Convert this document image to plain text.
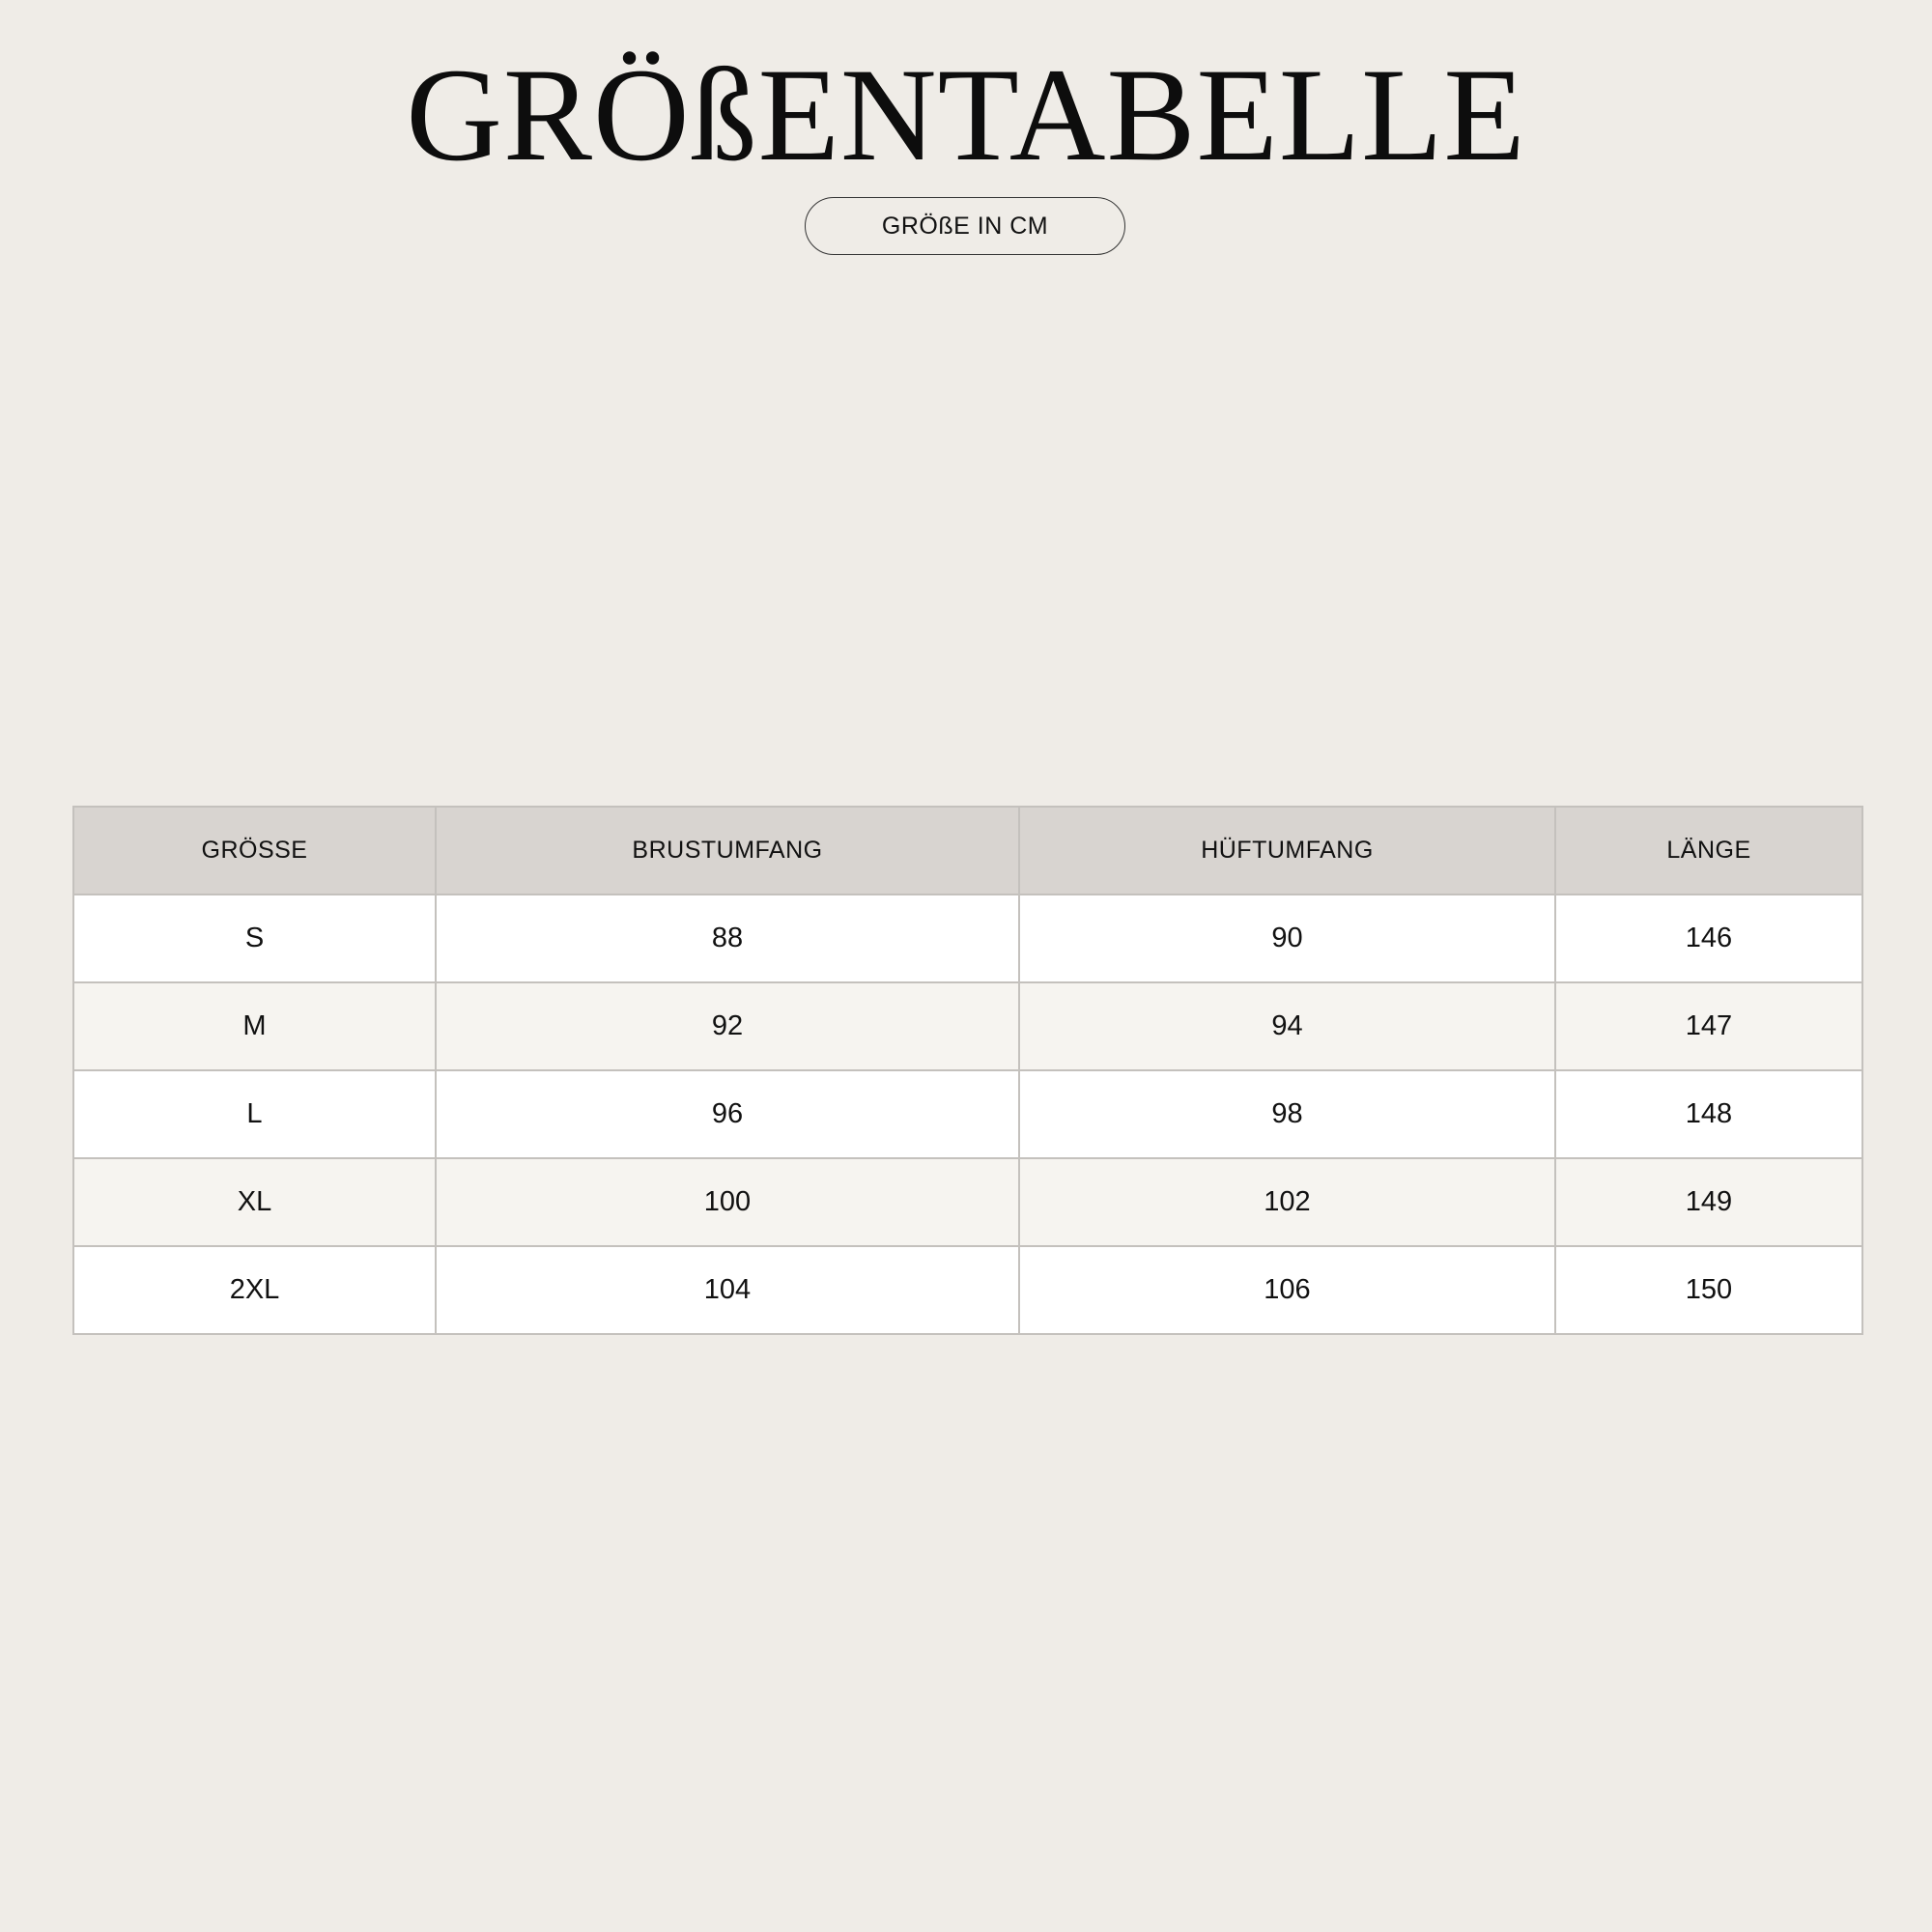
GRÖßENTABELLE
GRÖßE IN CM
GRÖSSE	BRUSTUMFANG	HÜFTUMFANG	LÄNGE
S	88	90	146
M	92	94	147
L	96	98	148
XL	100	102	149
2XL	104	106	150
